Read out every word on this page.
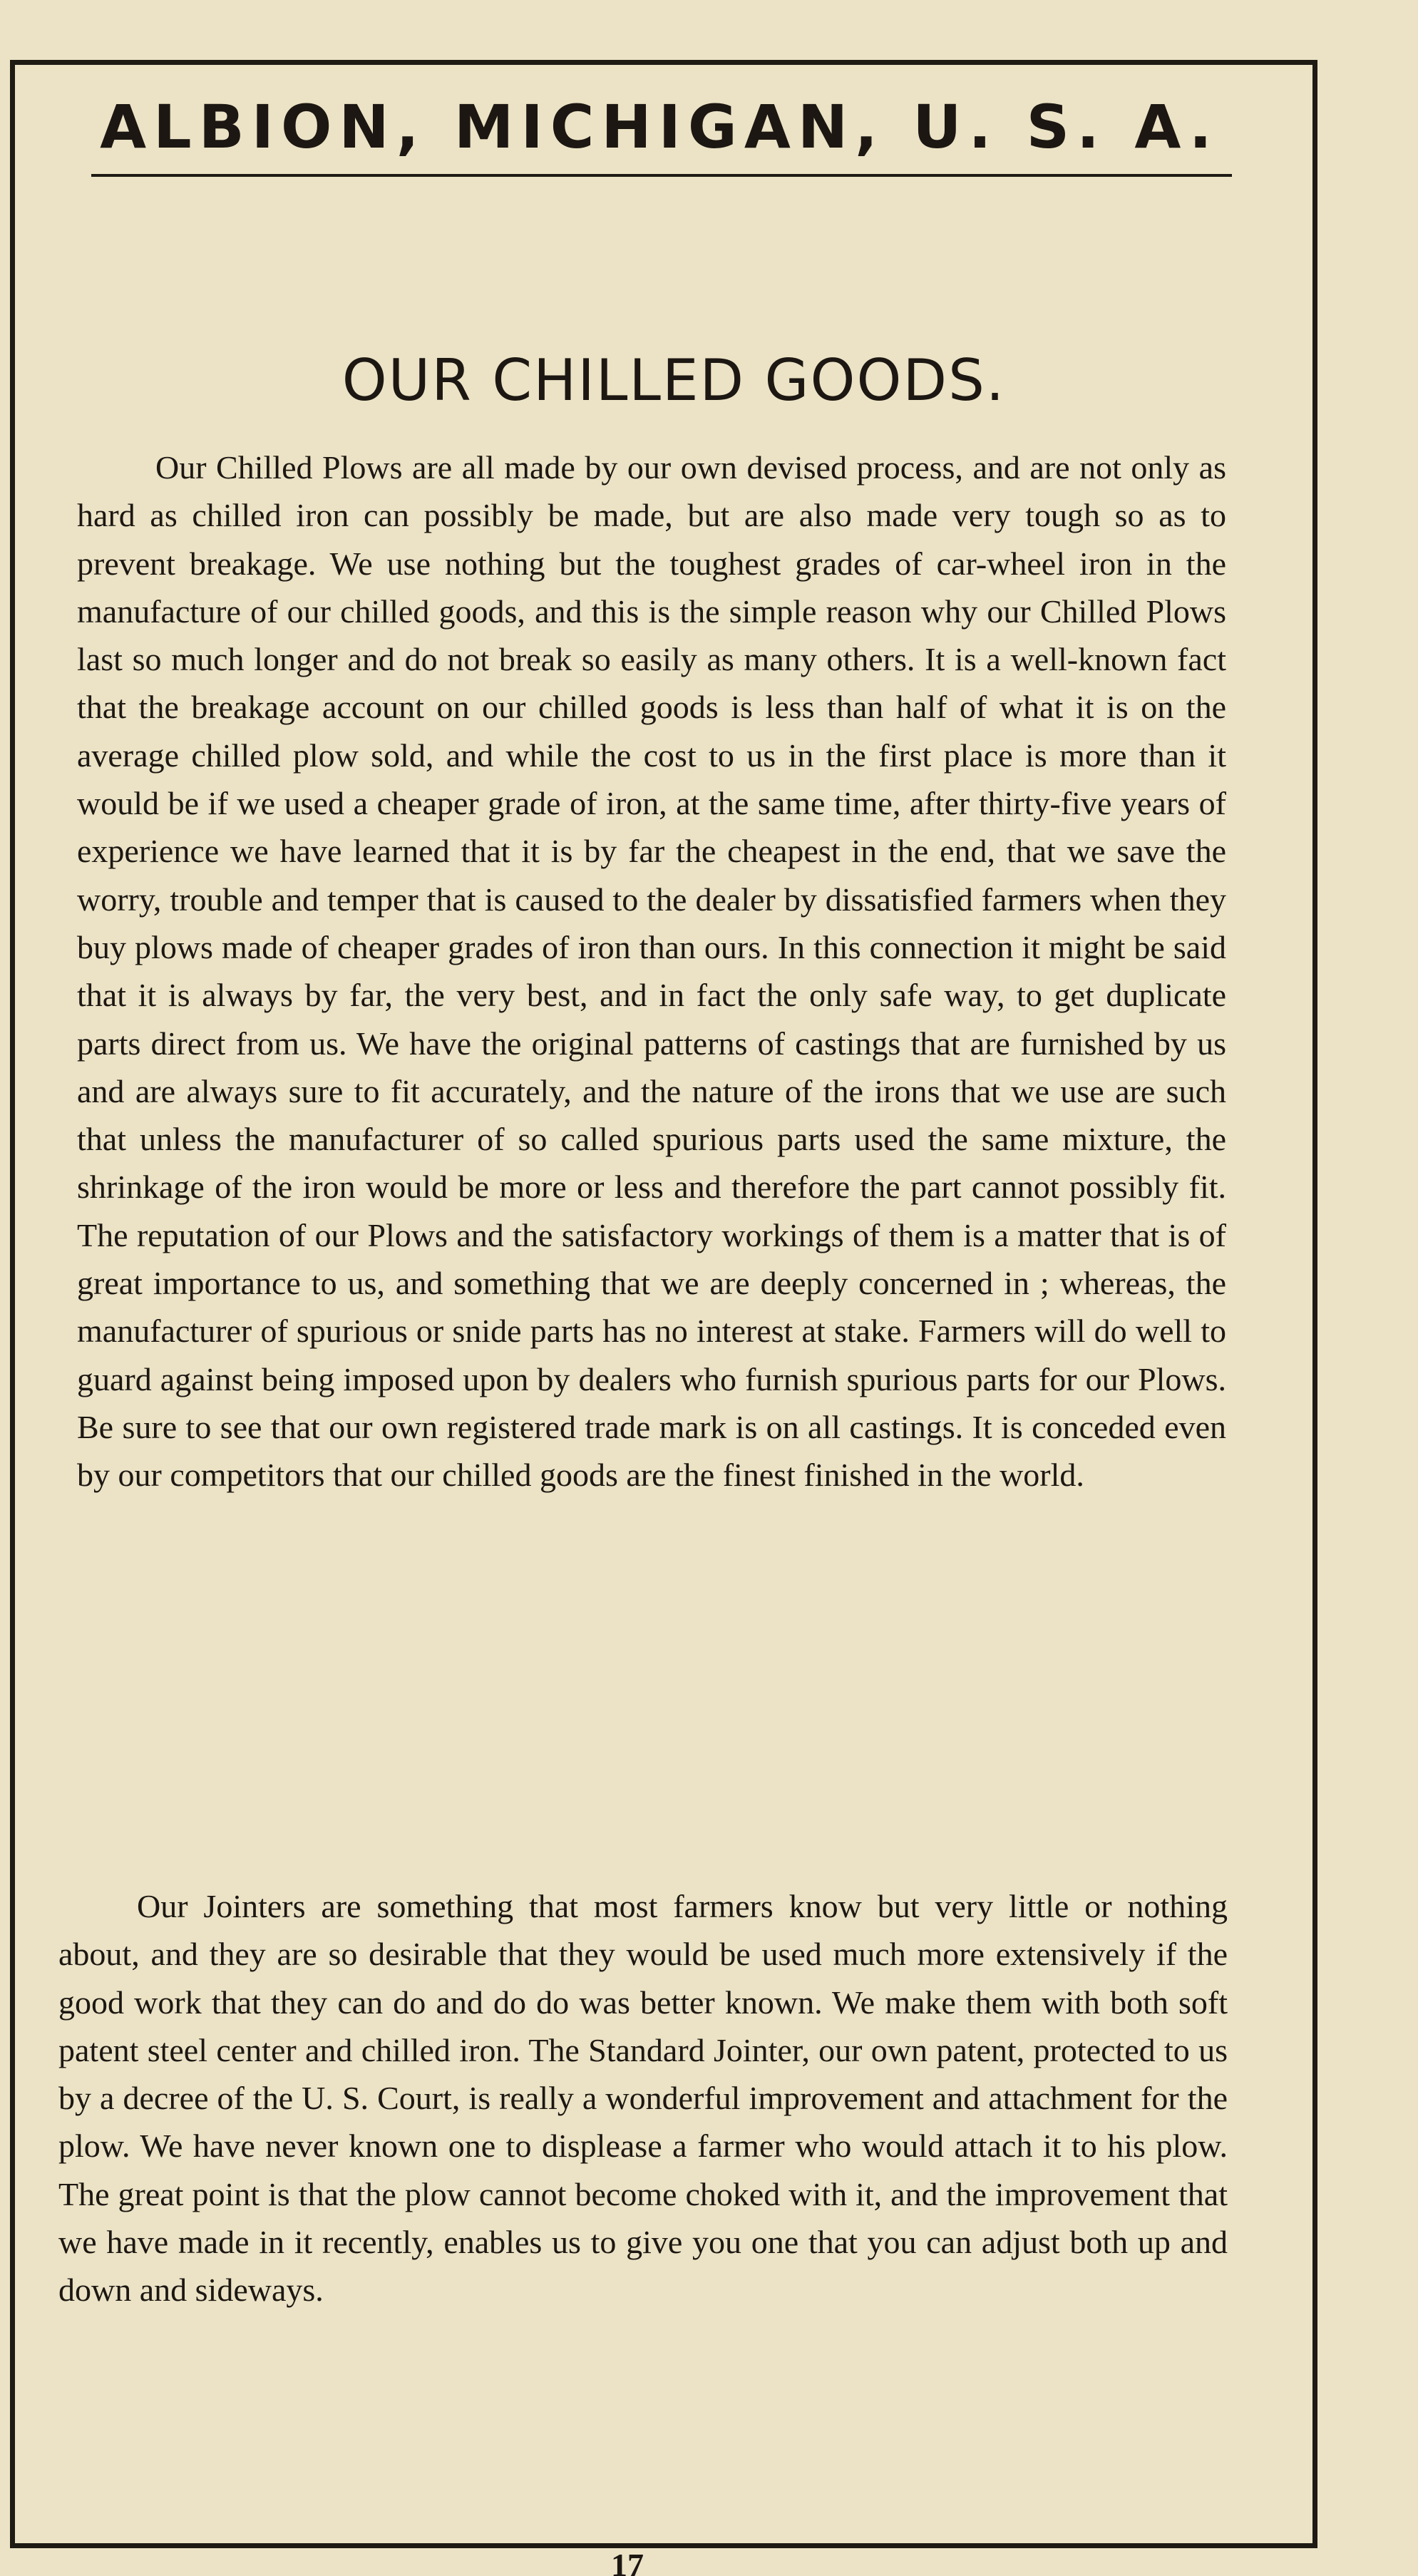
ALBION, MICHIGAN, U. S. A.
OUR CHILLED GOODS.

Our Chilled Plows are all made by our own devised process, and are not only as hard as chilled iron can possibly be made, but are also made very tough so as to prevent breakage. We use nothing but the toughest grades of car-wheel iron in the manufacture of our chilled goods, and this is the simple reason why our Chilled Plows last so much longer and do not break so easily as many others. It is a well-known fact that the breakage account on our chilled goods is less than half of what it is on the average chilled plow sold, and while the cost to us in the first place is more than it would be if we used a cheaper grade of iron, at the same time, after thirty-five years of experience we have learned that it is by far the cheapest in the end, that we save the worry, trouble and temper that is caused to the dealer by dissatisfied farmers when they buy plows made of cheaper grades of iron than ours. In this connection it might be said that it is always by far, the very best, and in fact the only safe way, to get duplicate parts direct from us. We have the original patterns of castings that are furnished by us and are always sure to fit accurately, and the nature of the irons that we use are such that unless the manufacturer of so called spurious parts used the same mixture, the shrinkage of the iron would be more or less and therefore the part cannot possibly fit. The reputation of our Plows and the satisfactory workings of them is a matter that is of great importance to us, and something that we are deeply concerned in ; whereas, the manufacturer of spurious or snide parts has no interest at stake. Farmers will do well to guard against being imposed upon by dealers who furnish spurious parts for our Plows. Be sure to see that our own registered trade mark is on all castings. It is conceded even by our competitors that our chilled goods are the finest finished in the world.

Our Jointers are something that most farmers know but very little or nothing about, and they are so desirable that they would be used much more extensively if the good work that they can do and do do was better known. We make them with both soft patent steel center and chilled iron. The Standard Jointer, our own patent, protected to us by a decree of the U. S. Court, is really a wonderful improvement and attachment for the plow. We have never known one to displease a farmer who would attach it to his plow. The great point is that the plow cannot become choked with it, and the improvement that we have made in it recently, enables us to give you one that you can adjust both up and down and sideways.

17
